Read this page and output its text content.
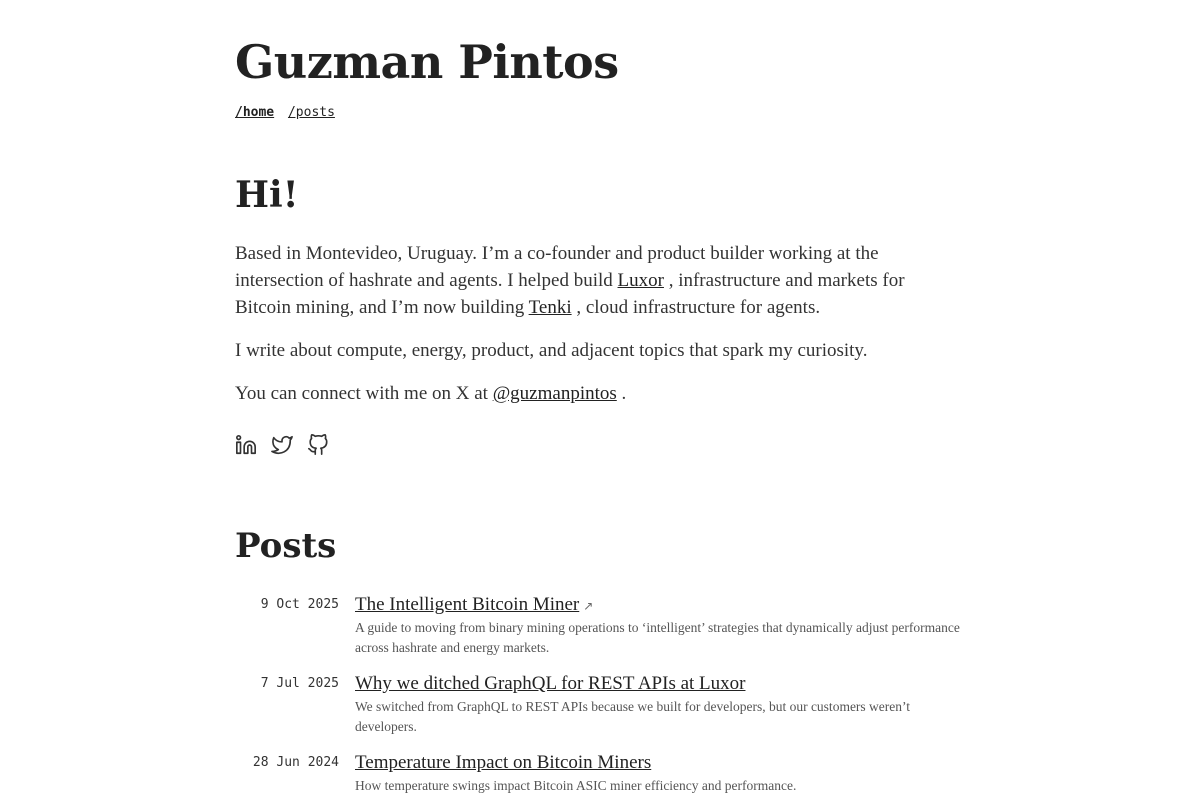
Guzman Pintos
/home /posts
Hi!

Based in Montevideo, Uruguay. I’m a co-founder and product builder working at the intersection of hashrate and agents. I helped build Luxor , infrastructure and markets for Bitcoin mining, and I’m now building Tenki , cloud infrastructure for agents.

I write about compute, energy, product, and adjacent topics that spark my curiosity.

You can connect with me on X at @guzmanpintos .

Posts
9 Oct 2025 The Intelligent Bitcoin Miner ↗

A guide to moving from binary mining operations to ‘intelligent’ strategies that dynamically adjust performance across hashrate and energy markets.

7 Jul 2025 Why we ditched GraphQL for REST APIs at Luxor

We switched from GraphQL to REST APIs because we built for developers, but our customers weren’t developers.

28 Jun 2024 Temperature Impact on Bitcoin Miners

How temperature swings impact Bitcoin ASIC miner efficiency and performance.
